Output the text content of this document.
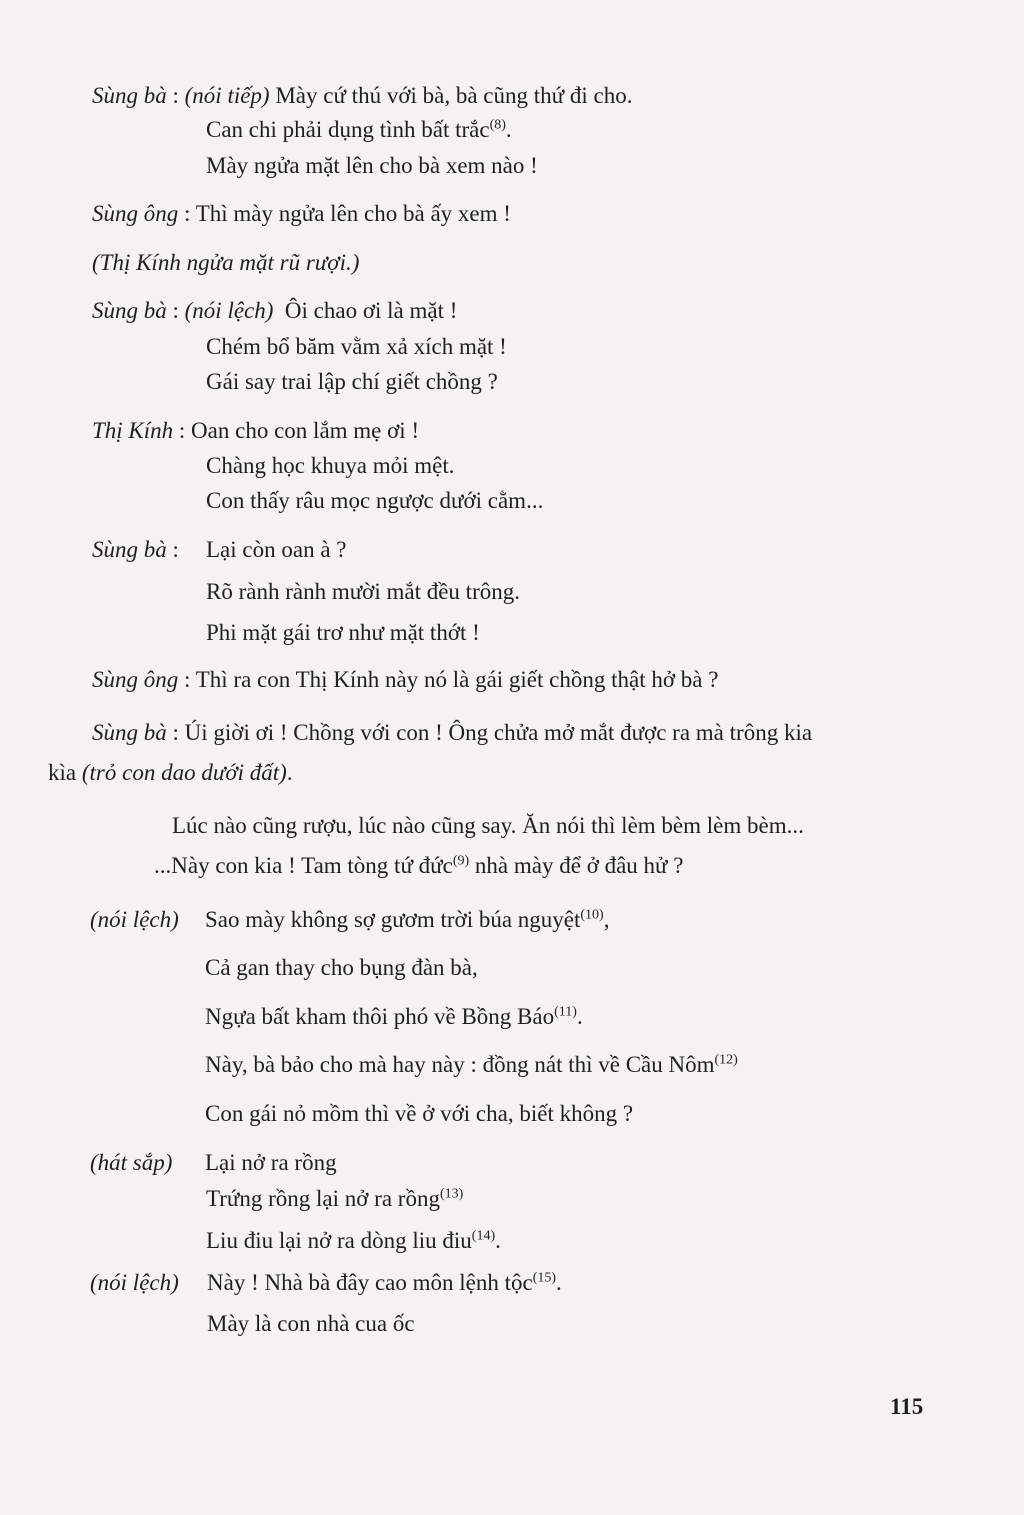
Sùng bà : (nói tiếp) Mày cứ thú với bà, bà cũng thứ đi cho.

Can chi phải dụng tình bất trắc$^{(8)}$.

Mày ngửa mặt lên cho bà xem nào !

Sùng ông : Thì mày ngửa lên cho bà ấy xem !

(Thị Kính ngửa mặt rũ rượi.)

Sùng bà : (nói lệch)  Ôi chao ơi là mặt !

Chém bổ băm vằm xả xích mặt !

Gái say trai lập chí giết chồng ?

Thị Kính : Oan cho con lắm mẹ ơi !

Chàng học khuya mỏi mệt.

Con thấy râu mọc ngược dưới cằm...

Sùng bà : Lại còn oan à ?

Rõ rành rành mười mắt đều trông.

Phi mặt gái trơ như mặt thớt !

Sùng ông : Thì ra con Thị Kính này nó là gái giết chồng thật hở bà ?

Sùng bà : Úi giời ơi ! Chồng với con ! Ông chửa mở mắt được ra mà trông kia

kìa (trỏ con dao dưới đất).

Lúc nào cũng rượu, lúc nào cũng say. Ăn nói thì lèm bèm lèm bèm...

...Này con kia ! Tam tòng tứ đức$^{(9)}$ nhà mày để ở đâu hử ?

(nói lệch) Sao mày không sợ gươm trời búa nguyệt$^{(10)}$,

Cả gan thay cho bụng đàn bà,

Ngựa bất kham thôi phó về Bồng Báo$^{(11)}$.

Này, bà bảo cho mà hay này : đồng nát thì về Cầu Nôm$^{(12)}$

Con gái nỏ mồm thì về ở với cha, biết không ?

(hát sắp) Lại nở ra rồng

Trứng rồng lại nở ra rồng$^{(13)}$

Liu điu lại nở ra dòng liu điu$^{(14)}$.

(nói lệch) Này ! Nhà bà đây cao môn lệnh tộc$^{(15)}$.

Mày là con nhà cua ốc

115
